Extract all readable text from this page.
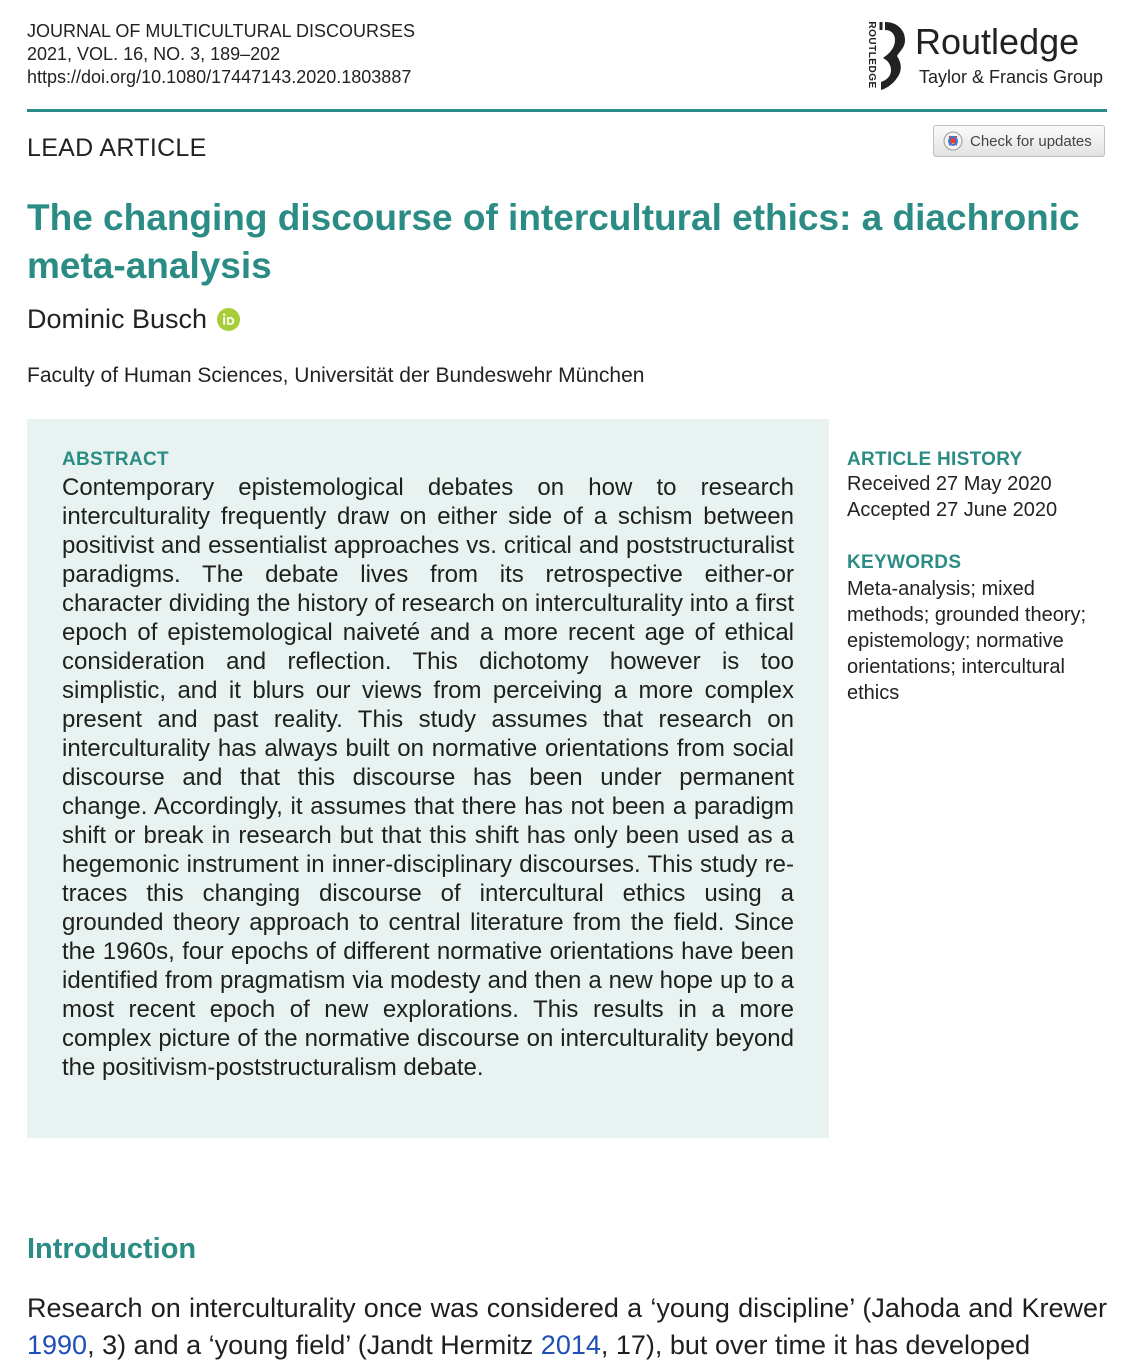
JOURNAL OF MULTICULTURAL DISCOURSES
2021, VOL. 16, NO. 3, 189–202
https://doi.org/10.1080/17447143.2020.1803887	ROUTLEDGE Routledge
Taylor & Francis Group
LEAD ARTICLE	Check for updates
The changing discourse of intercultural ethics: a diachronic meta-analysis
Dominic Busch
Faculty of Human Sciences, Universität der Bundeswehr München
ABSTRACT

Contemporary epistemological debates on how to research interculturality frequently draw on either side of a schism between positivist and essentialist approaches vs. critical and poststructuralist paradigms. The debate lives from its retrospective either-or character dividing the history of research on interculturality into a first epoch of epistemological naiveté and a more recent age of ethical consideration and reflection. This dichotomy however is too simplistic, and it blurs our views from perceiving a more complex present and past reality. This study assumes that research on interculturality has always built on normative orientations from social discourse and that this discourse has been under permanent change. Accordingly, it assumes that there has not been a paradigm shift or break in research but that this shift has only been used as a hegemonic instrument in inner-disciplinary discourses. This study re-traces this changing discourse of intercultural ethics using a grounded theory approach to central literature from the field. Since the 1960s, four epochs of different normative orientations have been identified from pragmatism via modesty and then a new hope up to a most recent epoch of new explorations. This results in a more complex picture of the normative discourse on interculturality beyond the positivism-poststructuralism debate.

ARTICLE HISTORY
Received 27 May 2020
Accepted 27 June 2020
KEYWORDS
Meta-analysis; mixed methods; grounded theory; epistemology; normative orientations; intercultural ethics
Introduction

Research on interculturality once was considered a ‘young discipline’ (Jahoda and Krewer 1990, 3) and a ‘young field’ (Jandt Hermitz 2014, 17), but over time it has developed
